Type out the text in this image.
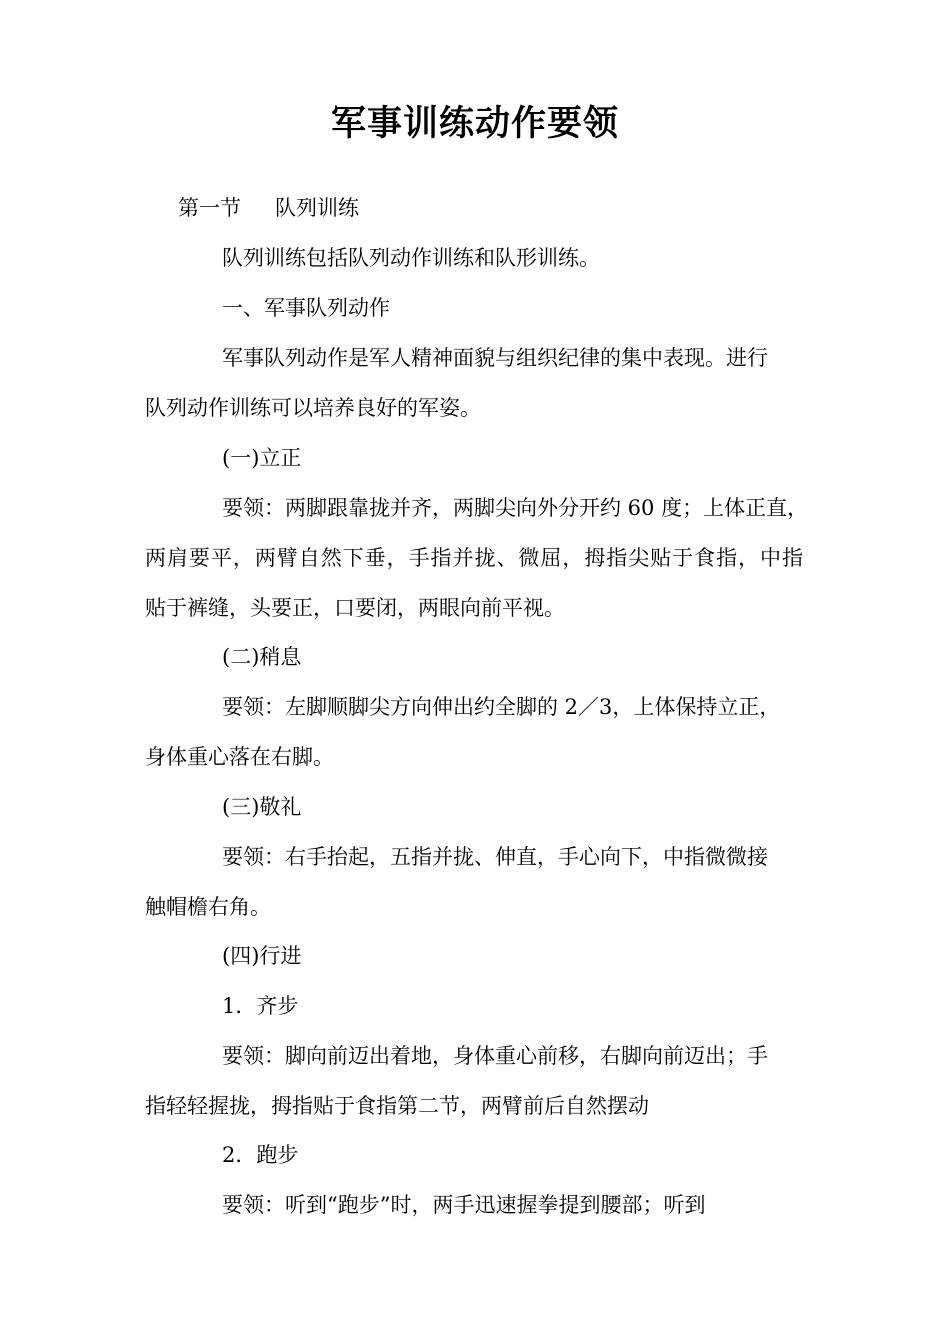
军事训练动作要领

第一节 队列训练

队列训练包括队列动作训练和队形训练。

一、军事队列动作

军事队列动作是军人精神面貌与组织纪律的集中表现。进行

队列动作训练可以培养良好的军姿。

(一)立正

要领：两脚跟靠拢并齐，两脚尖向外分开约 60 度；上体正直，

两肩要平，两臂自然下垂，手指并拢、微屈，拇指尖贴于食指，中指

贴于裤缝，头要正，口要闭，两眼向前平视。

(二)稍息

要领：左脚顺脚尖方向伸出约全脚的 2／3，上体保持立正，

身体重心落在右脚。

(三)敬礼

要领：右手抬起，五指并拢、伸直，手心向下，中指微微接

触帽檐右角。

(四)行进

1．齐步

要领：脚向前迈出着地，身体重心前移，右脚向前迈出；手

指轻轻握拢，拇指贴于食指第二节，两臂前后自然摆动

2．跑步

要领：听到“跑步”时，两手迅速握拳提到腰部；听到
